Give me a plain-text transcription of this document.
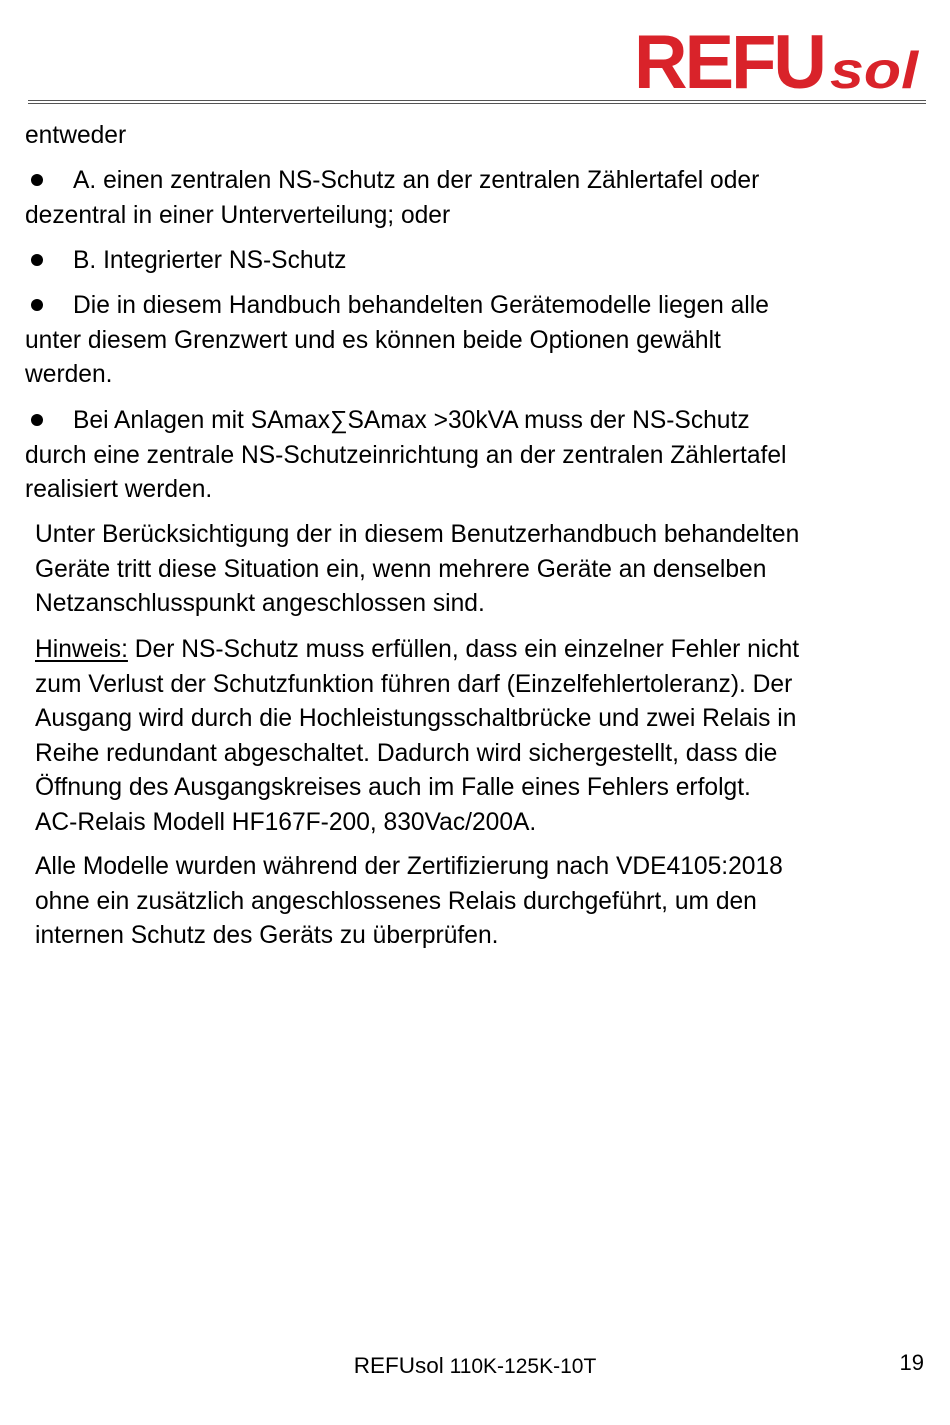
REFU sol
entweder
A. einen zentralen NS-Schutz an der zentralen Zählertafel oder
dezentral in einer Unterverteilung; oder
B. Integrierter NS-Schutz
Die in diesem Handbuch behandelten Gerätemodelle liegen alle
unter diesem Grenzwert und es können beide Optionen gewählt
werden.
Bei Anlagen mit SAmax∑SAmax >30kVA muss der NS-Schutz
durch eine zentrale NS-Schutzeinrichtung an der zentralen Zählertafel
realisiert werden.
Unter Berücksichtigung der in diesem Benutzerhandbuch behandelten
Geräte tritt diese Situation ein, wenn mehrere Geräte an denselben
Netzanschlusspunkt angeschlossen sind.
Hinweis: Der NS-Schutz muss erfüllen, dass ein einzelner Fehler nicht
zum Verlust der Schutzfunktion führen darf (Einzelfehlertoleranz). Der
Ausgang wird durch die Hochleistungsschaltbrücke und zwei Relais in
Reihe redundant abgeschaltet. Dadurch wird sichergestellt, dass die
Öffnung des Ausgangskreises auch im Falle eines Fehlers erfolgt.
AC-Relais Modell HF167F-200, 830Vac/200A.
Alle Modelle wurden während der Zertifizierung nach VDE4105:2018
ohne ein zusätzlich angeschlossenes Relais durchgeführt, um den
internen Schutz des Geräts zu überprüfen.
REFUsol 110K-125K-10T	19
